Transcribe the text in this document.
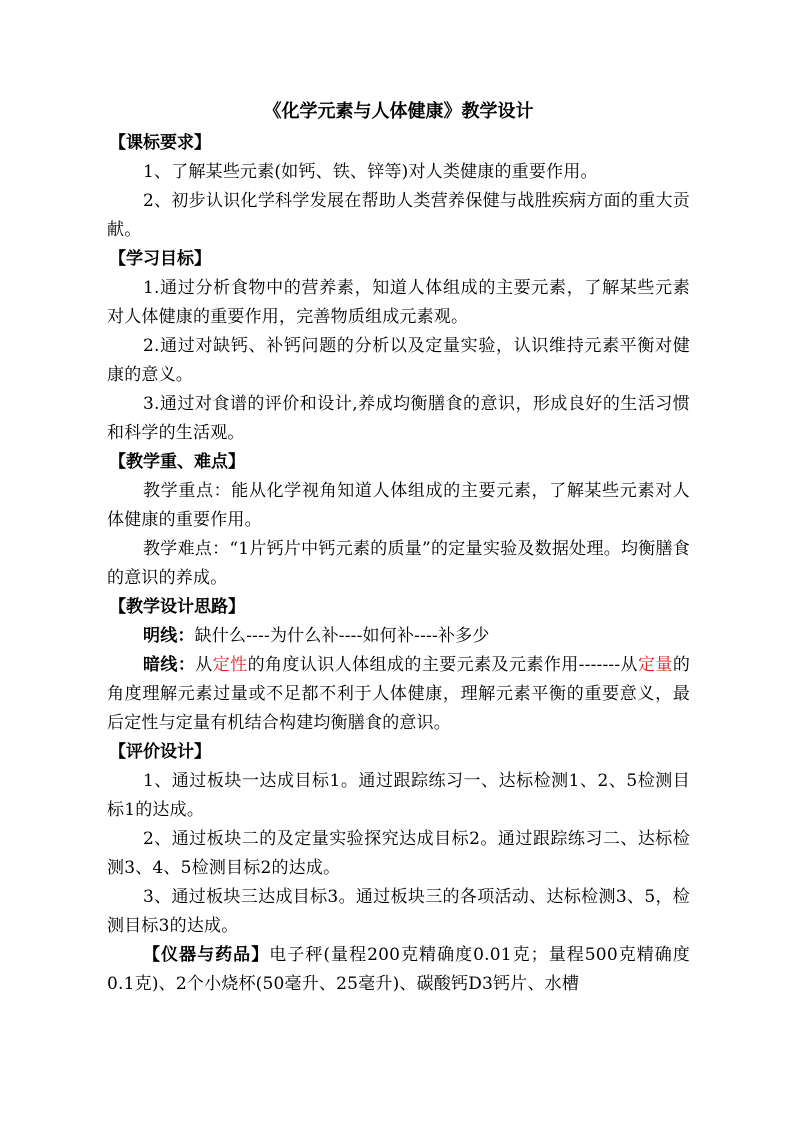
《化学元素与人体健康》教学设计
【课标要求】

1、了解某些元素(如钙、铁、锌等)对人类健康的重要作用。

2、初步认识化学科学发展在帮助人类营养保健与战胜疾病方面的重大贡献。

【学习目标】

1.通过分析食物中的营养素，知道人体组成的主要元素，了解某些元素对人体健康的重要作用，完善物质组成元素观。

2.通过对缺钙、补钙问题的分析以及定量实验，认识维持元素平衡对健康的意义。

3.通过对食谱的评价和设计,养成均衡膳食的意识，形成良好的生活习惯和科学的生活观。

【教学重、难点】

教学重点：能从化学视角知道人体组成的主要元素，了解某些元素对人体健康的重要作用。

教学难点：“1片钙片中钙元素的质量”的定量实验及数据处理。均衡膳食的意识的养成。

【教学设计思路】

明线：缺什么----为什么补----如何补----补多少

暗线：从定性的角度认识人体组成的主要元素及元素作用-------从定量的角度理解元素过量或不足都不利于人体健康，理解元素平衡的重要意义，最后定性与定量有机结合构建均衡膳食的意识。

【评价设计】

1、通过板块一达成目标1。通过跟踪练习一、达标检测1、2、5检测目标1的达成。

2、通过板块二的及定量实验探究达成目标2。通过跟踪练习二、达标检测3、4、5检测目标2的达成。

3、通过板块三达成目标3。通过板块三的各项活动、达标检测3、5，检测目标3的达成。

【仪器与药品】电子秤(量程200克精确度0.01克；量程500克精确度0.1克)、2个小烧杯(50毫升、25毫升)、碳酸钙D3钙片、水槽
